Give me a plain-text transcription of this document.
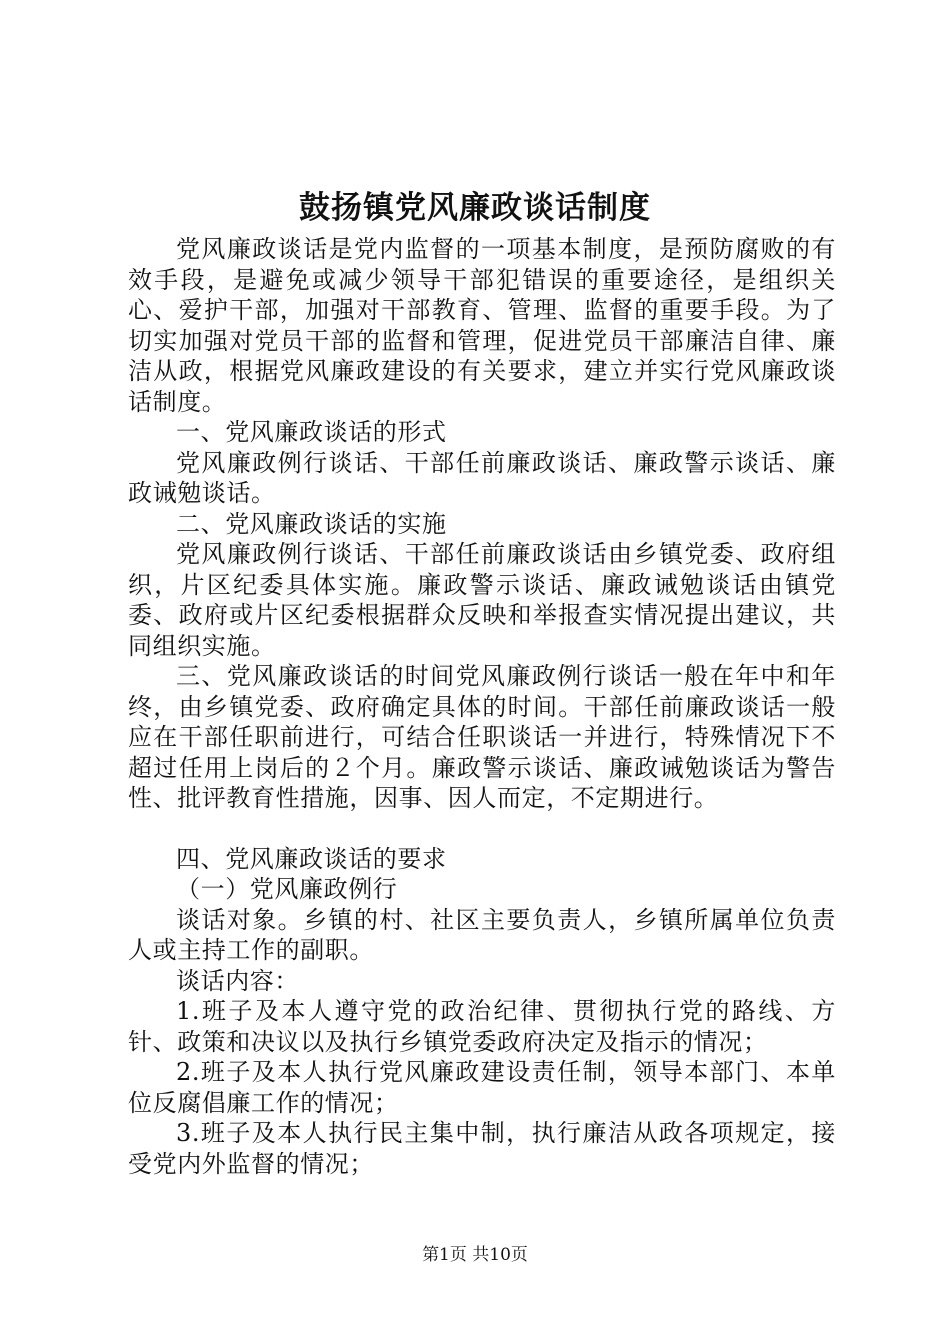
鼓扬镇党风廉政谈话制度

党风廉政谈话是党内监督的一项基本制度，是预防腐败的有效手段，是避免或减少领导干部犯错误的重要途径，是组织关心、爱护干部，加强对干部教育、管理、监督的重要手段。为了切实加强对党员干部的监督和管理，促进党员干部廉洁自律、廉洁从政，根据党风廉政建设的有关要求，建立并实行党风廉政谈话制度。

一、党风廉政谈话的形式

党风廉政例行谈话、干部任前廉政谈话、廉政警示谈话、廉政诫勉谈话。

二、党风廉政谈话的实施

党风廉政例行谈话、干部任前廉政谈话由乡镇党委、政府组织，片区纪委具体实施。廉政警示谈话、廉政诫勉谈话由镇党委、政府或片区纪委根据群众反映和举报查实情况提出建议，共同组织实施。

三、党风廉政谈话的时间党风廉政例行谈话一般在年中和年终，由乡镇党委、政府确定具体的时间。干部任前廉政谈话一般应在干部任职前进行，可结合任职谈话一并进行，特殊情况下不超过任用上岗后的２个月。廉政警示谈话、廉政诫勉谈话为警告性、批评教育性措施，因事、因人而定，不定期进行。

四、党风廉政谈话的要求

（一）党风廉政例行

谈话对象。乡镇的村、社区主要负责人，乡镇所属单位负责人或主持工作的副职。

谈话内容：

1.班子及本人遵守党的政治纪律、贯彻执行党的路线、方针、政策和决议以及执行乡镇党委政府决定及指示的情况；

2.班子及本人执行党风廉政建设责任制，领导本部门、本单位反腐倡廉工作的情况；

3.班子及本人执行民主集中制，执行廉洁从政各项规定，接受党内外监督的情况；

第1页 共10页
